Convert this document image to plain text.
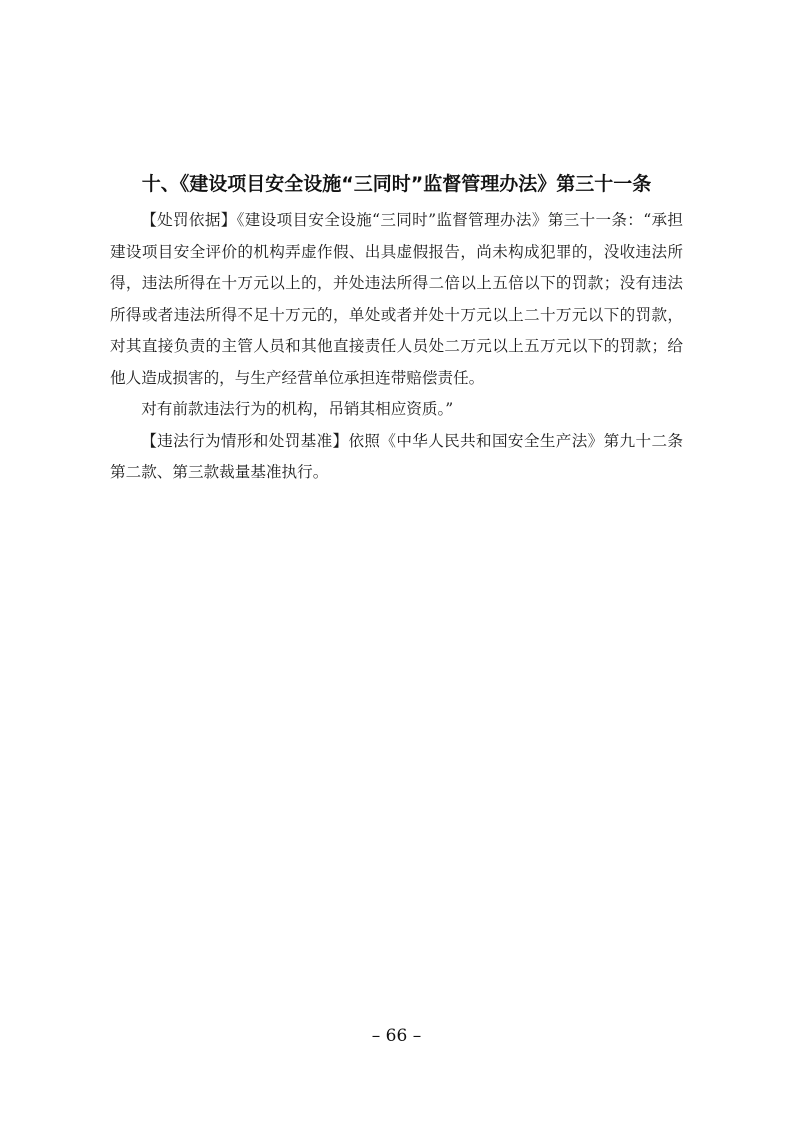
十、《建设项目安全设施“三同时”监督管理办法》第三十一条

【处罚依据】《建设项目安全设施“三同时”监督管理办法》第三十一条：“承担建设项目安全评价的机构弄虚作假、出具虚假报告，尚未构成犯罪的，没收违法所得，违法所得在十万元以上的，并处违法所得二倍以上五倍以下的罚款；没有违法所得或者违法所得不足十万元的，单处或者并处十万元以上二十万元以下的罚款，对其直接负责的主管人员和其他直接责任人员处二万元以上五万元以下的罚款；给他人造成损害的，与生产经营单位承担连带赔偿责任。

对有前款违法行为的机构，吊销其相应资质。”

【违法行为情形和处罚基准】依照《中华人民共和国安全生产法》第九十二条第二款、第三款裁量基准执行。

– 66 –
